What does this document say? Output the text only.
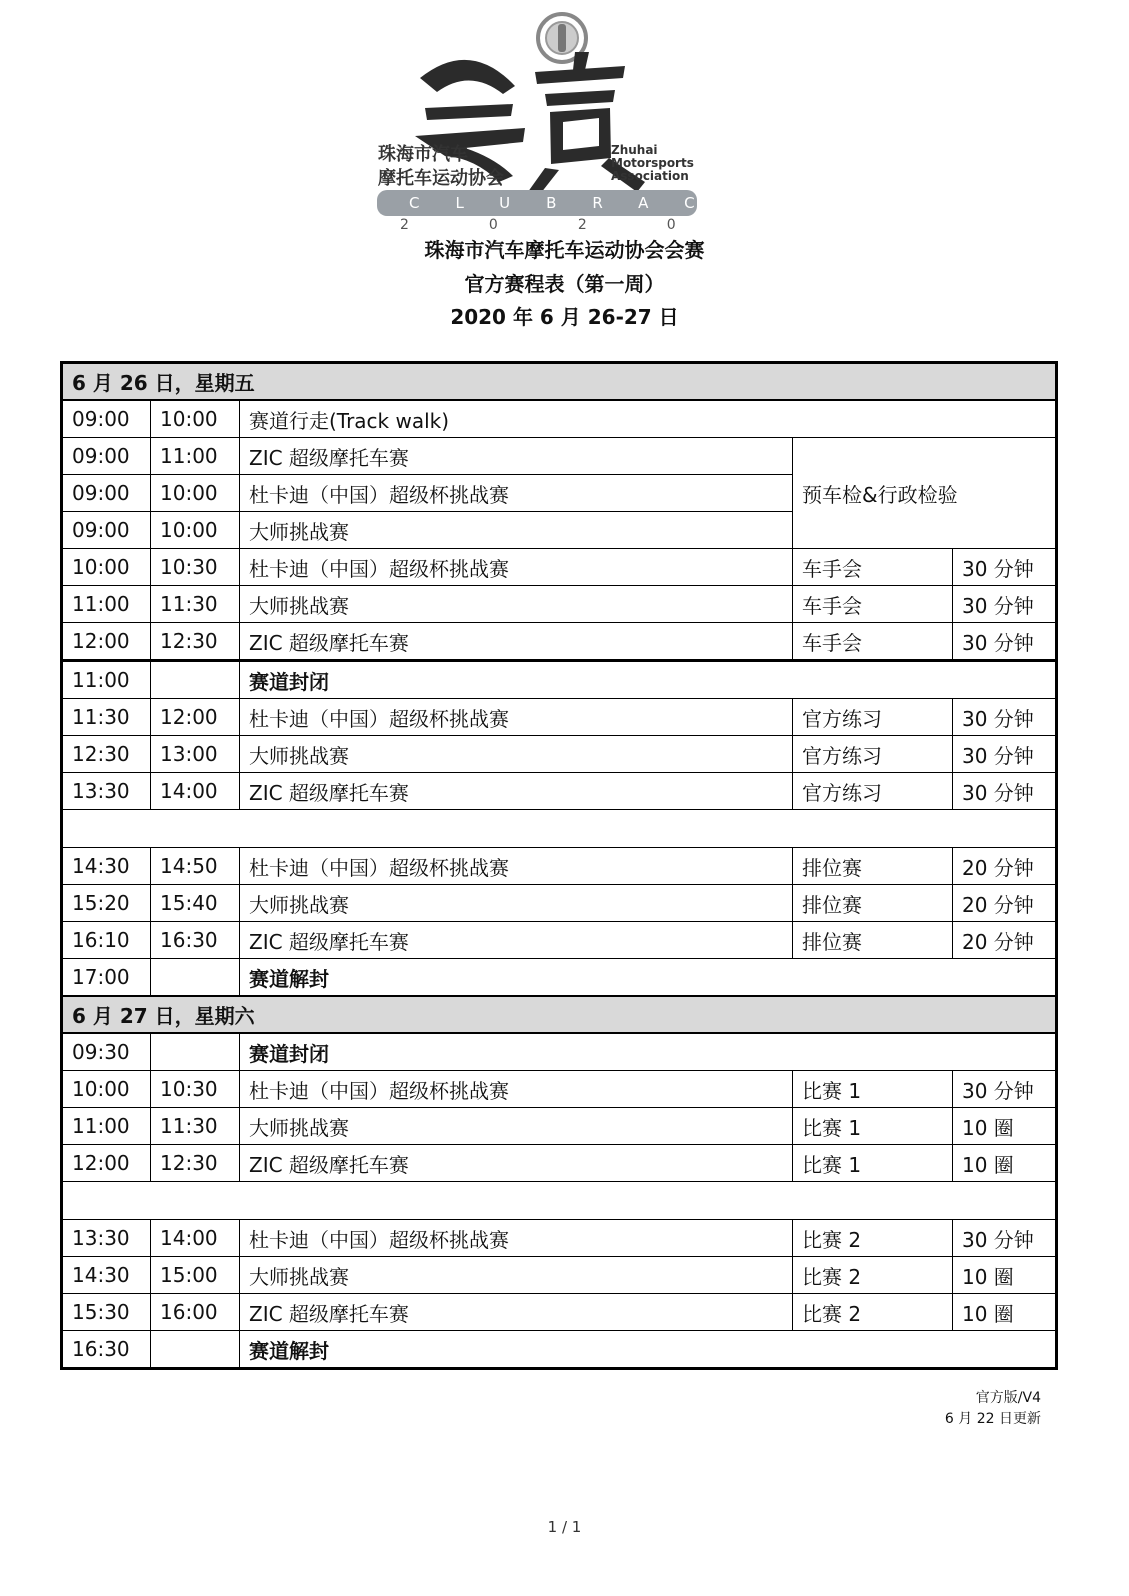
珠海市汽车
摩托车运动协会
Zhuhai
Motorsports
Association
CLUBRACE
2020
珠海市汽车摩托车运动协会会赛
官方赛程表（第一周）
2020 年 6 月 26-27 日
6 月 26 日，星期五				
09:00	10:00	赛道行走(Track walk)		
09:00	11:00	ZIC 超级摩托车赛	预车检&行政检验	
09:00	10:00	杜卡迪（中国）超级杯挑战赛		
09:00	10:00	大师挑战赛		
10:00	10:30	杜卡迪（中国）超级杯挑战赛	车手会	30 分钟
11:00	11:30	大师挑战赛	车手会	30 分钟
12:00	12:30	ZIC 超级摩托车赛	车手会	30 分钟
11:00		赛道封闭		
11:30	12:00	杜卡迪（中国）超级杯挑战赛	官方练习	30 分钟
12:30	13:00	大师挑战赛	官方练习	30 分钟
13:30	14:00	ZIC 超级摩托车赛	官方练习	30 分钟

14:30	14:50	杜卡迪（中国）超级杯挑战赛	排位赛	20 分钟
15:20	15:40	大师挑战赛	排位赛	20 分钟
16:10	16:30	ZIC 超级摩托车赛	排位赛	20 分钟
17:00		赛道解封		
6 月 27 日，星期六				
09:30		赛道封闭		
10:00	10:30	杜卡迪（中国）超级杯挑战赛	比赛 1	30 分钟
11:00	11:30	大师挑战赛	比赛 1	10 圈
12:00	12:30	ZIC 超级摩托车赛	比赛 1	10 圈

13:30	14:00	杜卡迪（中国）超级杯挑战赛	比赛 2	30 分钟
14:30	15:00	大师挑战赛	比赛 2	10 圈
15:30	16:00	ZIC 超级摩托车赛	比赛 2	10 圈
16:30		赛道解封		
官方版/V4
6 月 22 日更新
1 / 1
